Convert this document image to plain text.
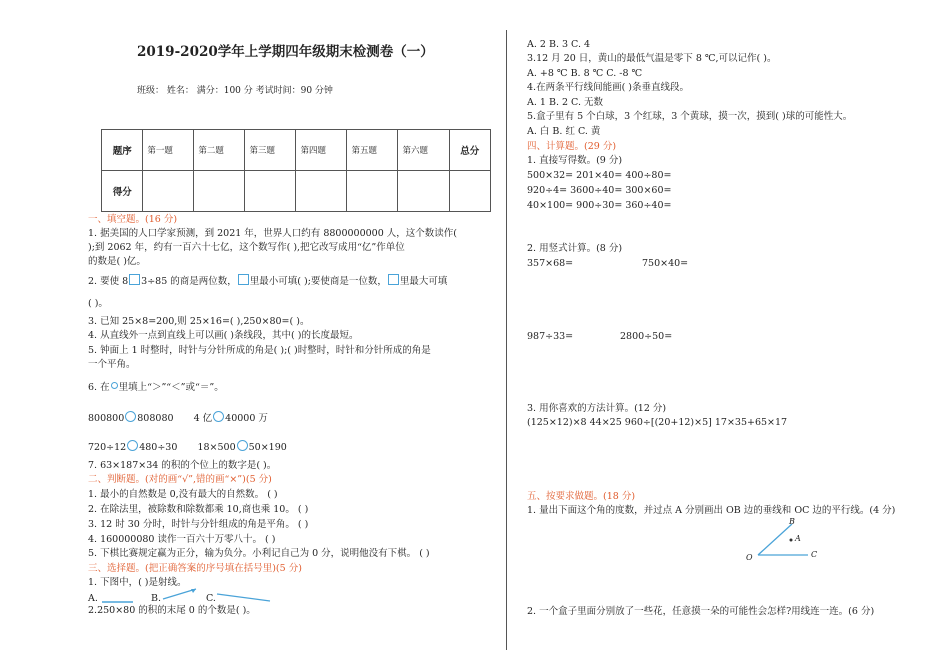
2019-2020学年上学期四年级期末检测卷（一）
班级： 姓名： 满分：100 分 考试时间：90 分钟
题序	第一题	第二题	第三题	第四题	第五题	第六题	总分
得分							
一、填空题。(16 分)
1. 据美国的人口学家预测，到 2021 年，世界人口约有 8800000000 人，这个数读作(
);到 2062 年，约有一百六十七亿，这个数写作( ),把它改写成用“亿”作单位
的数是( )亿。
2. 要使 8 3÷85 的商是两位数， 里最小可填( );要使商是一位数， 里最大可填
( )。
3. 已知 25×8=200,则 25×16=( ),250×80=( )。
4. 从直线外一点到直线上可以画( )条线段，其中( )的长度最短。
5. 钟面上 1 时整时，时针与分针所成的角是( );( )时整时，时针和分针所成的角是
一个平角。
6. 在 里填上“＞”“＜”或“＝”。
800800 808080 4 亿 40000 万
720÷12 480÷30 18×500 50×190
7. 63×187×34 的积的个位上的数字是( )。
二、判断题。(对的画“√”,错的画“×”)(5 分)
1. 最小的自然数是 0,没有最大的自然数。 ( )
2. 在除法里，被除数和除数都乘 10,商也乘 10。 ( )
3. 12 时 30 分时，时针与分针组成的角是平角。 ( )
4. 160000080 读作一百六十万零八十。 ( )
5. 下棋比赛规定赢为正分，输为负分。小利记自己为 0 分，说明他没有下棋。 ( )
三、选择题。(把正确答案的序号填在括号里)(5 分)
1. 下图中，( )是射线。
A.	B.	C.
2.250×80 的积的末尾 0 的个数是( )。
A. 2 B. 3 C. 4
3.12 月 20 日，黄山的最低气温是零下 8 ℃,可以记作( )。
A. +8 ℃ B. 8 ℃ C. -8 ℃
4.在两条平行线间能画( )条垂直线段。
A. 1 B. 2 C. 无数
5.盒子里有 5 个白球，3 个红球，3 个黄球，摸一次，摸到( )球的可能性大。
A. 白 B. 红 C. 黄
四、计算题。(29 分)
1. 直接写得数。(9 分)
500×32= 201×40= 400÷80=
920÷4= 3600÷40= 300×60=
40×100= 900÷30= 360÷40=
2. 用竖式计算。(8 分)
357×68=	750×40=
987÷33=	2800÷50=
3. 用你喜欢的方法计算。(12 分)
(125×12)×8 44×25 960÷[(20+12)×5] 17×35+65×17
五、按要求做题。(18 分)
1. 量出下面这个角的度数，并过点 A 分别画出 OB 边的垂线和 OC 边的平行线。(4 分)
B
A
O	C
2. 一个盒子里面分别放了一些花，任意摸一朵的可能性会怎样?用线连一连。(6 分)
